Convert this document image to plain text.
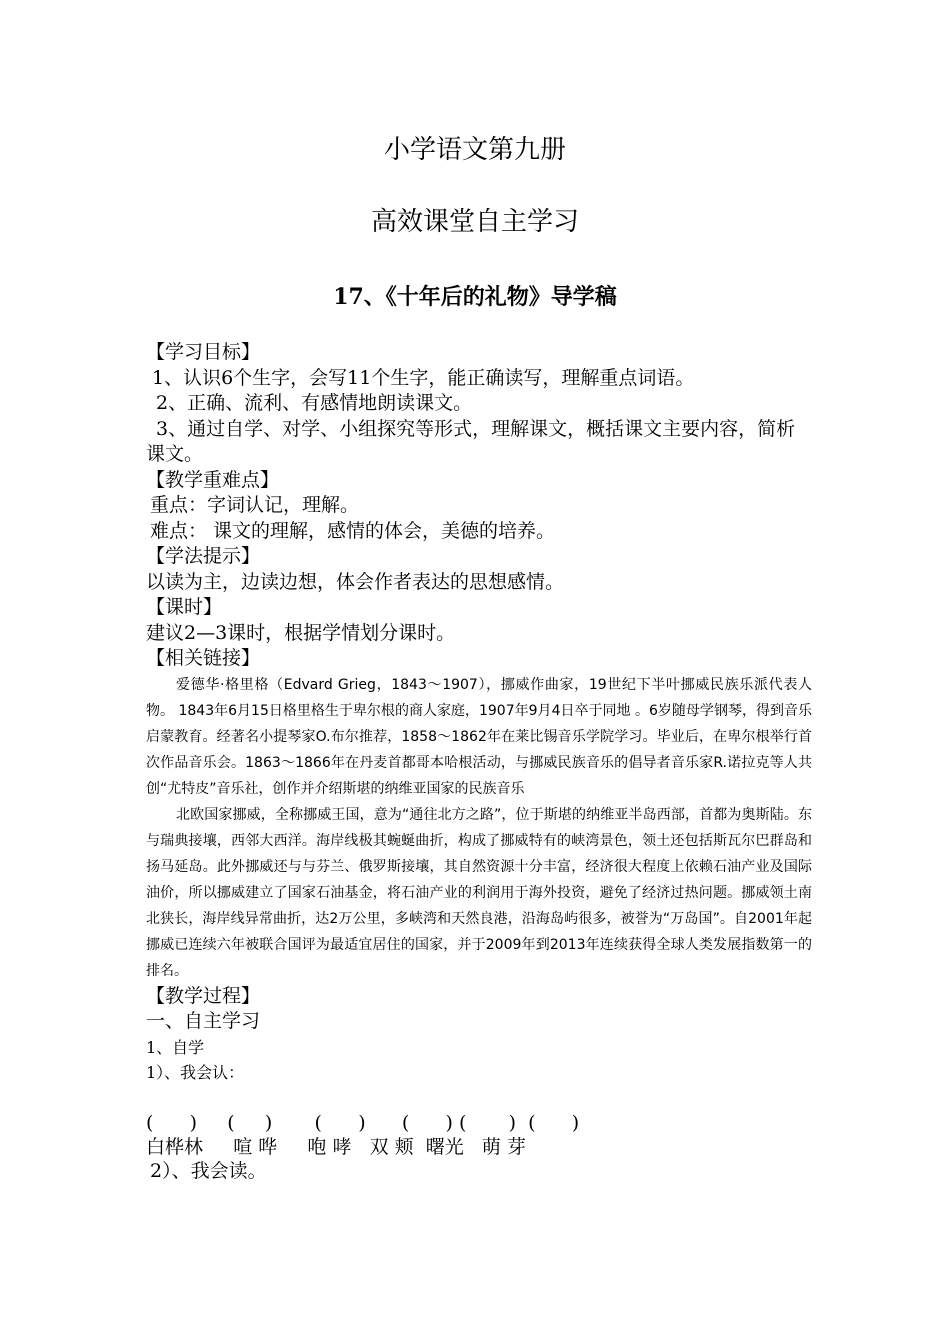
小学语文第九册
高效课堂自主学习
17、《十年后的礼物》导学稿
【学习目标】
1、认识6个生字，会写11个生字，能正确读写，理解重点词语。
2、正确、流利、有感情地朗读课文。
3、通过自学、对学、小组探究等形式，理解课文，概括课文主要内容，简析课文。
【教学重难点】
重点：字词认记，理解。
难点： 课文的理解，感情的体会，美德的培养。
【学法提示】
以读为主，边读边想，体会作者表达的思想感情。
【课时】
建议2—3课时，根据学情划分课时。
【相关链接】

爱德华·格里格（Edvard Grieg，1843～1907），挪威作曲家，19世纪下半叶挪威民族乐派代表人物。 1843年6月15日格里格生于卑尔根的商人家庭，1907年9月4日卒于同地 。6岁随母学钢琴，得到音乐启蒙教育。经著名小提琴家O.布尔推荐，1858～1862年在莱比锡音乐学院学习。毕业后，在卑尔根举行首次作品音乐会。1863～1866年在丹麦首都哥本哈根活动，与挪威民族音乐的倡导者音乐家R.诺拉克等人共创“尤特皮”音乐社，创作并介绍斯堪的纳维亚国家的民族音乐

北欧国家挪威，全称挪威王国，意为“通往北方之路”，位于斯堪的纳维亚半岛西部，首都为奥斯陆。东与瑞典接壤，西邻大西洋。海岸线极其蜿蜒曲折，构成了挪威特有的峡湾景色，领土还包括斯瓦尔巴群岛和扬马延岛。此外挪威还与与芬兰、俄罗斯接壤，其自然资源十分丰富，经济很大程度上依赖石油产业及国际油价，所以挪威建立了国家石油基金，将石油产业的利润用于海外投资，避免了经济过热问题。挪威领土南北狭长，海岸线异常曲折，达2万公里，多峡湾和天然良港，沿海岛屿很多，被誉为“万岛国”。自2001年起挪威已连续六年被联合国评为最适宜居住的国家，并于2009年到2013年连续获得全球人类发展指数第一的排名。

【教学过程】
一、自主学习
1、自学
1）、我会认：
(      )     (     )       (      )      (      ) (       )  (      )
白桦林     喧 哗     咆 哮   双 颊  曙光   萌 芽
2）、我会读。
